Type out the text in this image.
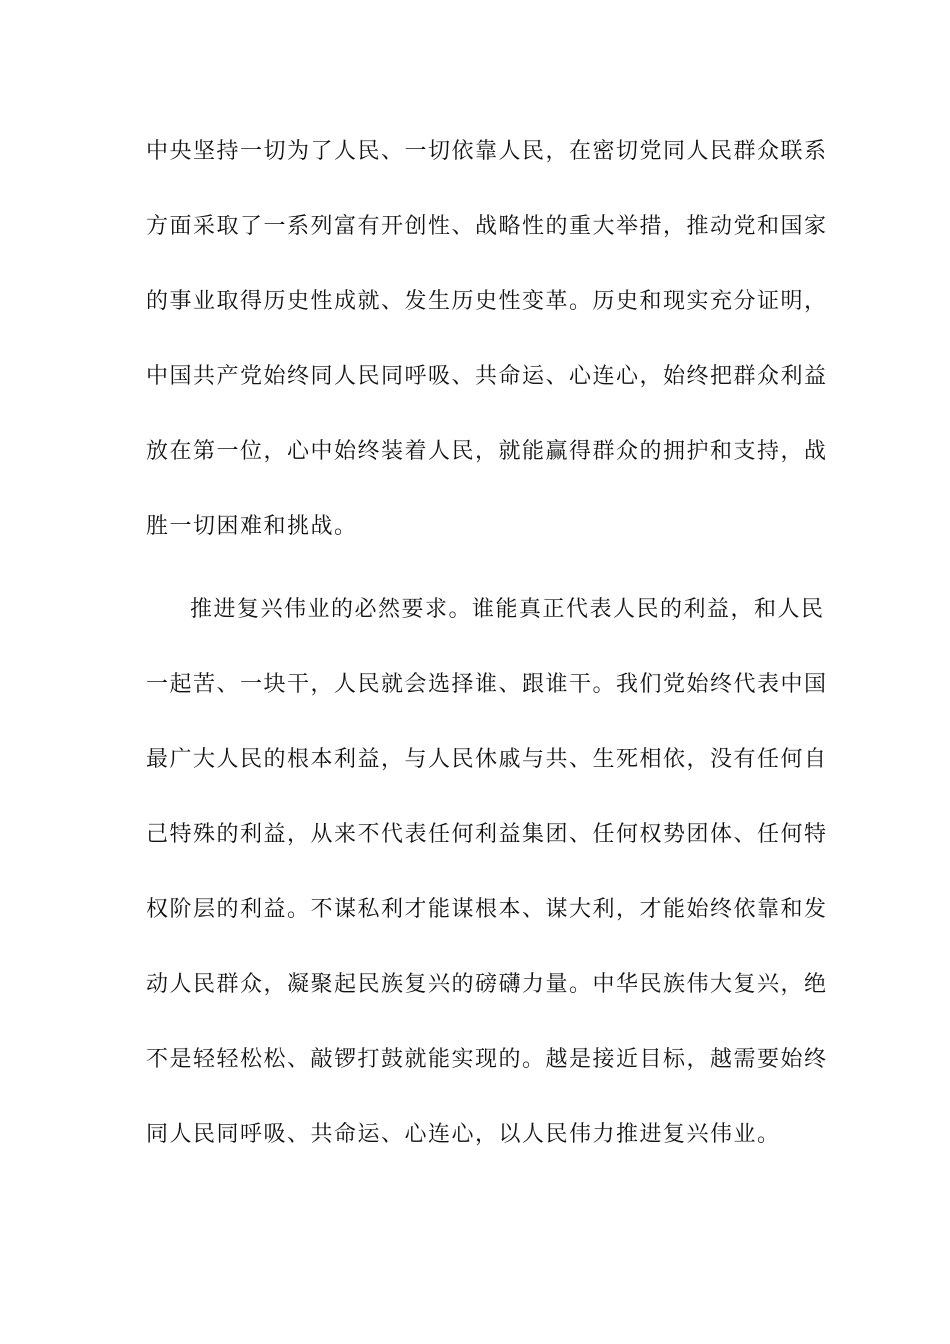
中央坚持一切为了人民、一切依靠人民，在密切党同人民群众联系
方面采取了一系列富有开创性、战略性的重大举措，推动党和国家
的事业取得历史性成就、发生历史性变革。历史和现实充分证明，
中国共产党始终同人民同呼吸、共命运、心连心，始终把群众利益
放在第一位，心中始终装着人民，就能赢得群众的拥护和支持，战
胜一切困难和挑战。
推进复兴伟业的必然要求。谁能真正代表人民的利益，和人民
一起苦、一块干，人民就会选择谁、跟谁干。我们党始终代表中国
最广大人民的根本利益，与人民休戚与共、生死相依，没有任何自
己特殊的利益，从来不代表任何利益集团、任何权势团体、任何特
权阶层的利益。不谋私利才能谋根本、谋大利，才能始终依靠和发
动人民群众，凝聚起民族复兴的磅礴力量。中华民族伟大复兴，绝
不是轻轻松松、敲锣打鼓就能实现的。越是接近目标，越需要始终
同人民同呼吸、共命运、心连心，以人民伟力推进复兴伟业。
